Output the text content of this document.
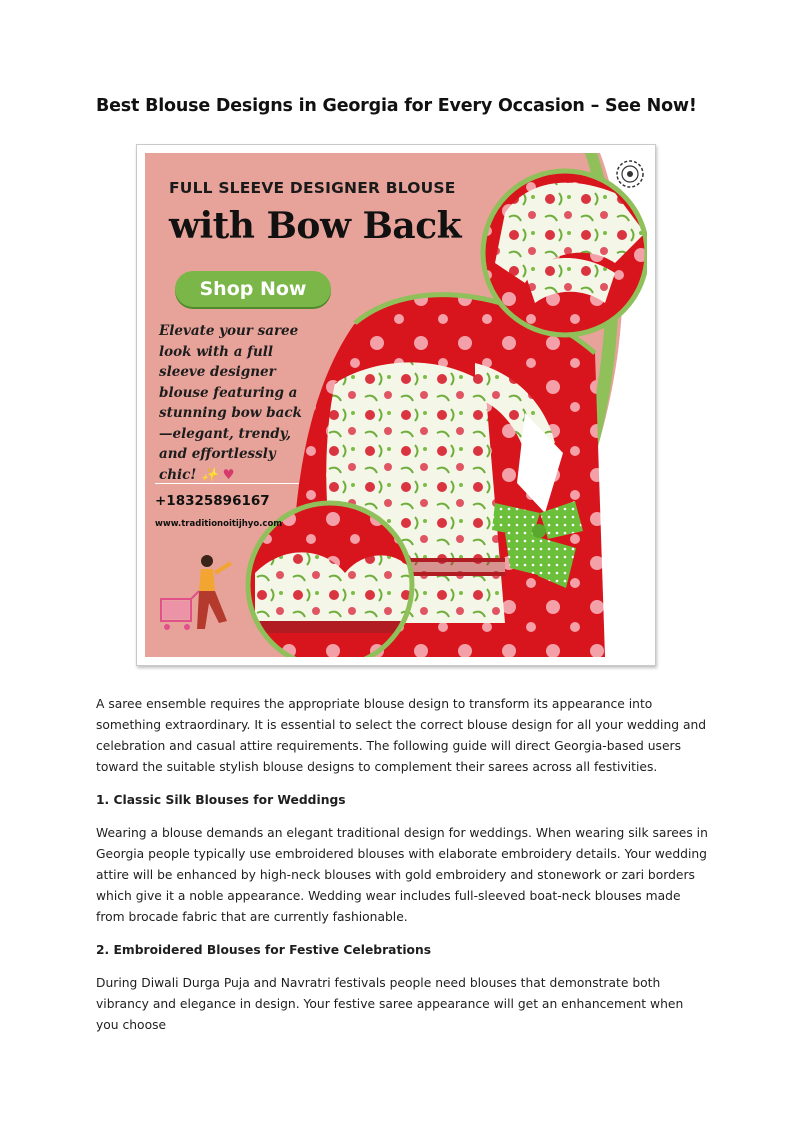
Best Blouse Designs in Georgia for Every Occasion – See Now!
FULL SLEEVE DESIGNER BLOUSE
with Bow Back
Shop Now
Elevate your saree look with a full sleeve designer blouse featuring a stunning bow back—elegant, trendy, and effortlessly chic! ✨ ♥
+18325896167
www.traditionoitijhyo.com

A saree ensemble requires the appropriate blouse design to transform its appearance into something extraordinary. It is essential to select the correct blouse design for all your wedding and celebration and casual attire requirements. The following guide will direct Georgia-based users toward the suitable stylish blouse designs to complement their sarees across all festivities.

1. Classic Silk Blouses for Weddings

Wearing a blouse demands an elegant traditional design for weddings. When wearing silk sarees in Georgia people typically use embroidered blouses with elaborate embroidery details. Your wedding attire will be enhanced by high-neck blouses with gold embroidery and stonework or zari borders which give it a noble appearance. Wedding wear includes full-sleeved boat-neck blouses made from brocade fabric that are currently fashionable.

2. Embroidered Blouses for Festive Celebrations

During Diwali Durga Puja and Navratri festivals people need blouses that demonstrate both vibrancy and elegance in design. Your festive saree appearance will get an enhancement when you choose
